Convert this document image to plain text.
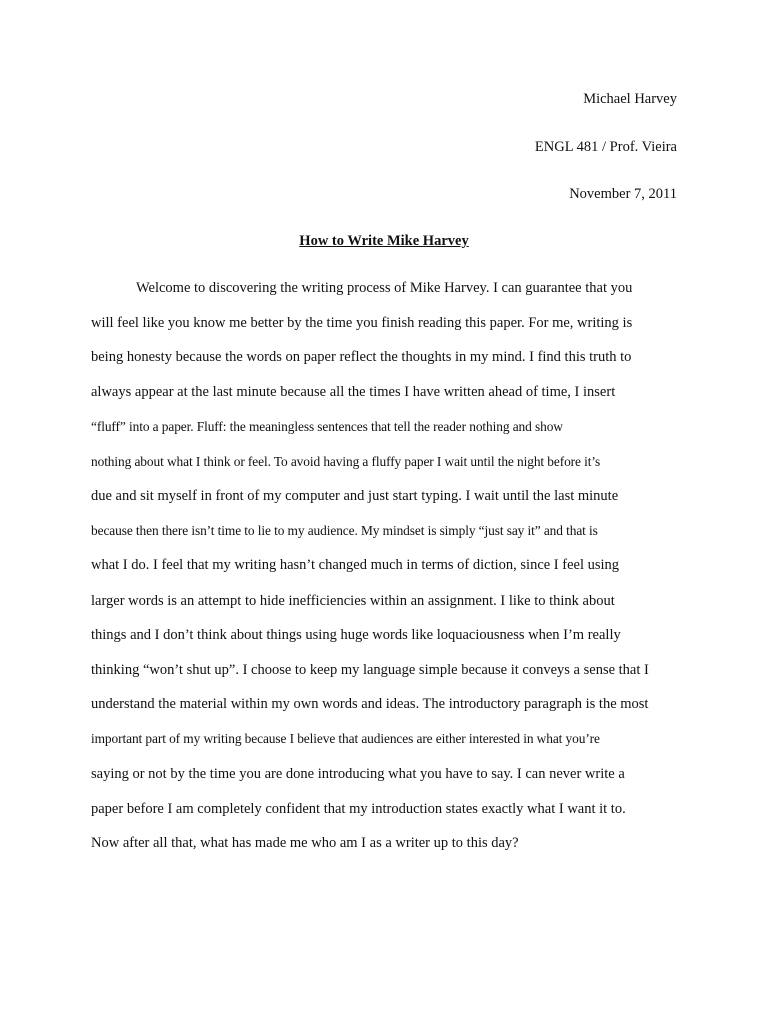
Michael Harvey
ENGL 481 / Prof. Vieira
November 7, 2011
How to Write Mike Harvey
Welcome to discovering the writing process of Mike Harvey. I can guarantee that you
will feel like you know me better by the time you finish reading this paper. For me, writing is
being honesty because the words on paper reflect the thoughts in my mind. I find this truth to
always appear at the last minute because all the times I have written ahead of time, I insert
“fluff” into a paper. Fluff: the meaningless sentences that tell the reader nothing and show
nothing about what I think or feel. To avoid having a fluffy paper I wait until the night before it’s
due and sit myself in front of my computer and just start typing. I wait until the last minute
because then there isn’t time to lie to my audience. My mindset is simply “just say it” and that is
what I do. I feel that my writing hasn’t changed much in terms of diction, since I feel using
larger words is an attempt to hide inefficiencies within an assignment. I like to think about
things and I don’t think about things using huge words like loquaciousness when I’m really
thinking “won’t shut up”. I choose to keep my language simple because it conveys a sense that I
understand the material within my own words and ideas. The introductory paragraph is the most
important part of my writing because I believe that audiences are either interested in what you’re
saying or not by the time you are done introducing what you have to say. I can never write a
paper before I am completely confident that my introduction states exactly what I want it to.
Now after all that, what has made me who am I as a writer up to this day?
